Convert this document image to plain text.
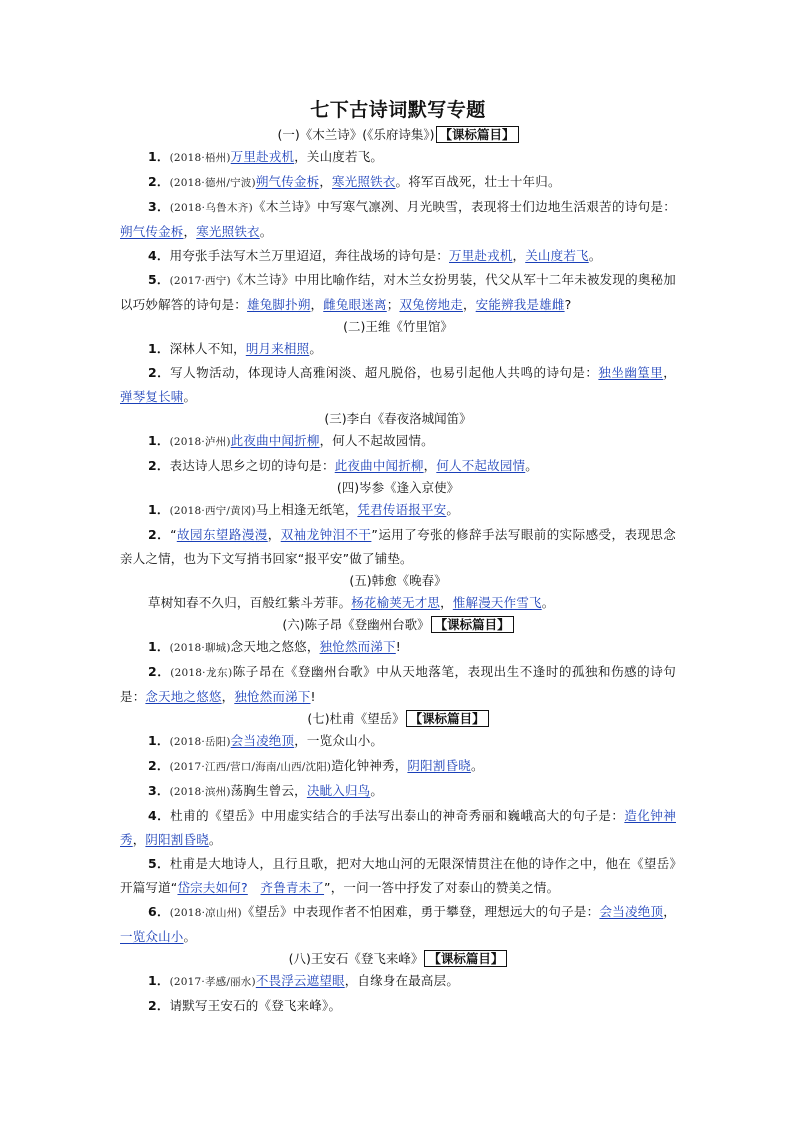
七下古诗词默写专题

(一)《木兰诗》(《乐府诗集》) 【课标篇目】

1．(2018·梧州)万里赴戎机，关山度若飞。

2．(2018·德州/宁波)朔气传金柝，寒光照铁衣。将军百战死，壮士十年归。

3．(2018·乌鲁木齐)《木兰诗》中写寒气凛冽、月光映雪，表现将士们边地生活艰苦的诗句是：朔气传金柝，寒光照铁衣。

4．用夸张手法写木兰万里迢迢，奔往战场的诗句是：万里赴戎机，关山度若飞。

5．(2017·西宁)《木兰诗》中用比喻作结，对木兰女扮男装，代父从军十二年未被发现的奥秘加以巧妙解答的诗句是：雄兔脚扑朔，雌兔眼迷离；双兔傍地走，安能辨我是雄雌?

(二)王维《竹里馆》

1．深林人不知，明月来相照。

2．写人物活动，体现诗人高雅闲淡、超凡脱俗，也易引起他人共鸣的诗句是：独坐幽篁里，弹琴复长啸。

(三)李白《春夜洛城闻笛》

1．(2018·泸州)此夜曲中闻折柳，何人不起故园情。

2．表达诗人思乡之切的诗句是：此夜曲中闻折柳，何人不起故园情。

(四)岑参《逢入京使》

1．(2018·西宁/黄冈)马上相逢无纸笔，凭君传语报平安。

2．“故园东望路漫漫，双袖龙钟泪不干”运用了夸张的修辞手法写眼前的实际感受，表现思念亲人之情，也为下文写捎书回家“报平安”做了铺垫。

(五)韩愈《晚春》

草树知春不久归，百般红紫斗芳菲。杨花榆荚无才思，惟解漫天作雪飞。

(六)陈子昂《登幽州台歌》 【课标篇目】

1．(2018·聊城)念天地之悠悠，独怆然而涕下!

2．(2018·龙东)陈子昂在《登幽州台歌》中从天地落笔，表现出生不逢时的孤独和伤感的诗句是：念天地之悠悠，独怆然而涕下!

(七)杜甫《望岳》 【课标篇目】

1．(2018·岳阳)会当凌绝顶，一览众山小。

2．(2017·江西/营口/海南/山西/沈阳)造化钟神秀，阴阳割昏晓。

3．(2018·滨州)荡胸生曾云，决眦入归鸟。

4．杜甫的《望岳》中用虚实结合的手法写出泰山的神奇秀丽和巍峨高大的句子是：造化钟神秀，阴阳割昏晓。

5．杜甫是大地诗人，且行且歌，把对大地山河的无限深情贯注在他的诗作之中，他在《望岳》开篇写道“岱宗夫如何?　 齐鲁青未了”，一问一答中抒发了对泰山的赞美之情。

6．(2018·凉山州)《望岳》中表现作者不怕困难，勇于攀登，理想远大的句子是：会当凌绝顶，一览众山小。

(八)王安石《登飞来峰》 【课标篇目】

1．(2017·孝感/丽水)不畏浮云遮望眼，自缘身在最高层。

2．请默写王安石的《登飞来峰》。
